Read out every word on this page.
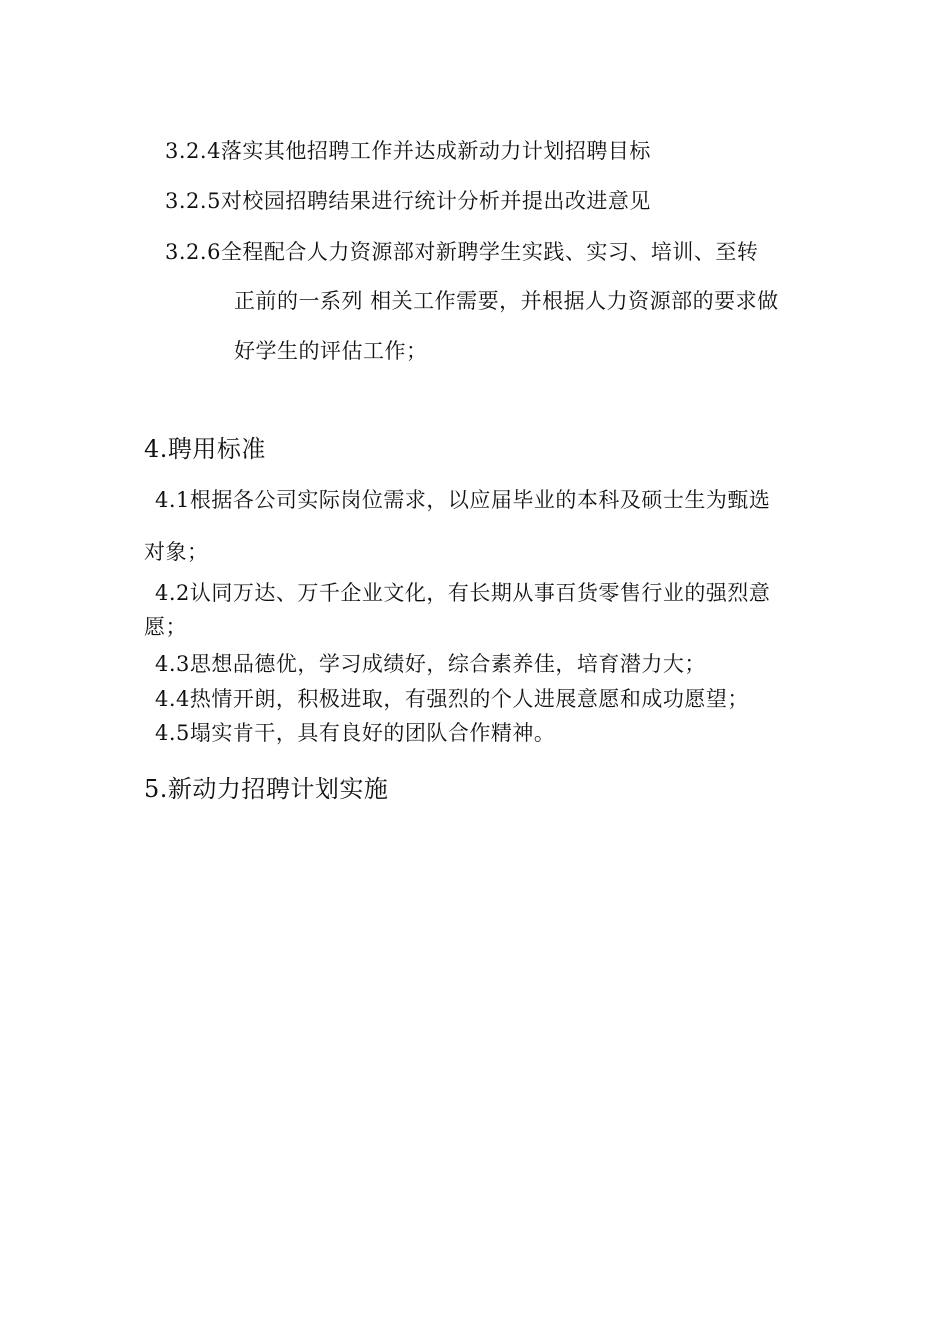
3.2.4落实其他招聘工作并达成新动力计划招聘目标
3.2.5对校园招聘结果进行统计分析并提出改进意见
3.2.6全程配合人力资源部对新聘学生实践、实习、培训、至转
正前的一系列 相关工作需要，并根据人力资源部的要求做
好学生的评估工作；
4.聘用标准
4.1根据各公司实际岗位需求，以应届毕业的本科及硕士生为甄选
对象；
4.2认同万达、万千企业文化，有长期从事百货零售行业的强烈意
愿；
4.3思想品德优，学习成绩好，综合素养佳，培育潜力大；
4.4热情开朗，积极进取，有强烈的个人进展意愿和成功愿望；
4.5塌实肯干，具有良好的团队合作精神。
5.新动力招聘计划实施
